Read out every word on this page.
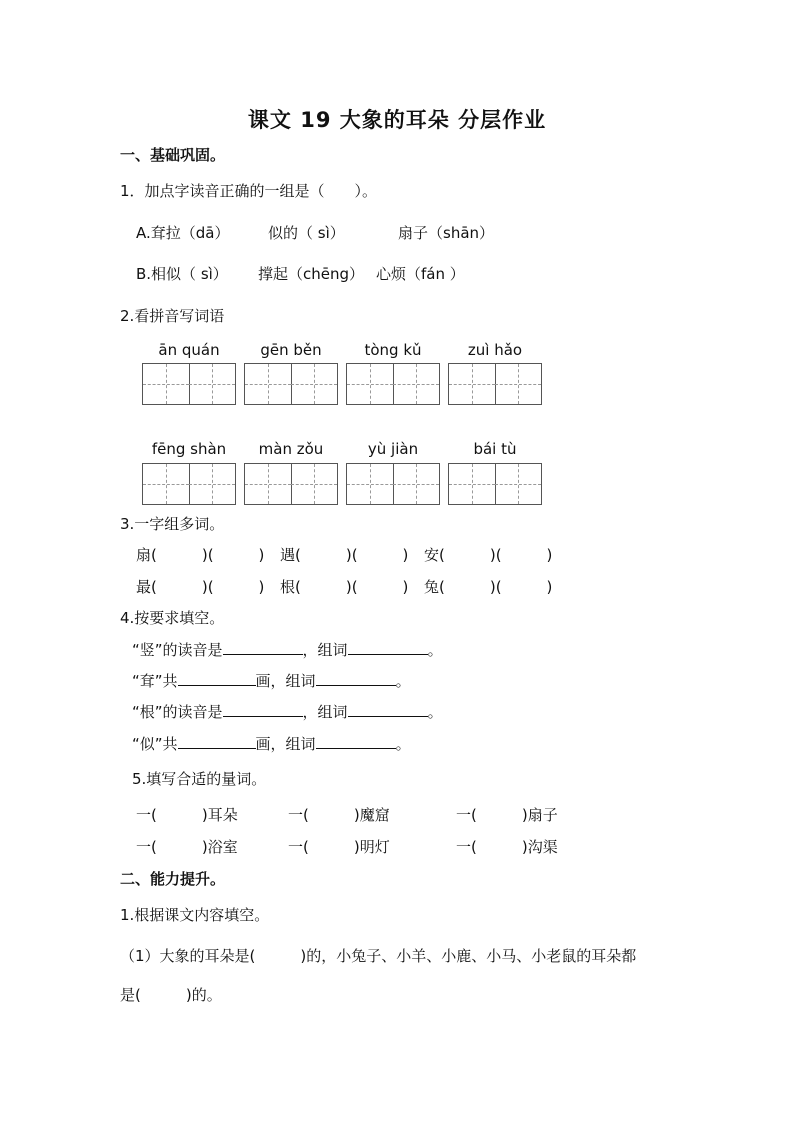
课文 19 大象的耳朵 分层作业
一、基础巩固。
1．加点字读音正确的一组是（　　）。
A.耷拉（dā）	似的（ sì）	扇子（shān）
B.相似（ sì） 撑起（chēng） 心烦（fán ）
2.看拼音写词语
ān quán	gēn běn	tòng kǔ	zuì hǎo
fēng shàn	màn zǒu	yù jiàn	bái tù
3.一字组多词。
扇(　　　)(　　　) 遇(　　　)(　　　) 安(　　　)(　　　)
最(　　　)(　　　) 根(　　　)(　　　) 兔(　　　)(　　　)
4.按要求填空。
“竖”的读音是	，组词	。
“耷”共	画，组词	。
“根”的读音是	，组词	。
“似”共	画，组词	。
5.填写合适的量词。
一(　　　)耳朵	一(　　　)魔窟	一(　　　)扇子
一(　　　)浴室	一(　　　)明灯	一(　　　)沟渠
二、能力提升。
1.根据课文内容填空。
（1）大象的耳朵是(　　　)的，小兔子、小羊、小鹿、小马、小老鼠的耳朵都
是(　　　)的。
